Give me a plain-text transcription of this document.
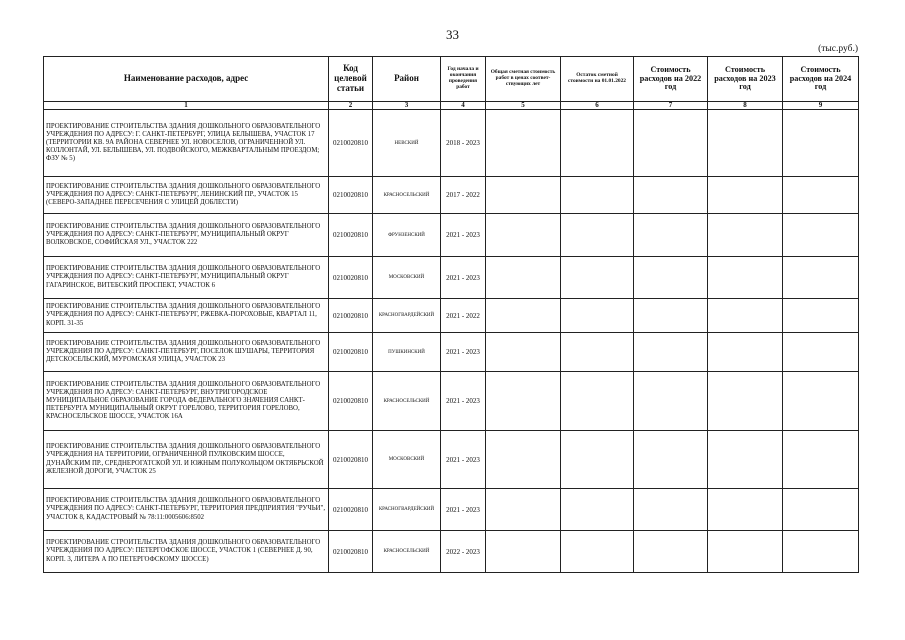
33
(тыс.руб.)
Наименование расходов, адрес	Код целевой статьи	Район	Год начала и окончания проведения работ	Общая сметная стоимость работ в ценах соответ-ствующих лет	Остаток сметной стоимости на 01.01.2022	Стоимость расходов на 2022 год	Стоимость расходов на 2023 год	Стоимость расходов на 2024 год
1	2	3	4	5	6	7	8	9
ПРОЕКТИРОВАНИЕ СТРОИТЕЛЬСТВА ЗДАНИЯ ДОШКОЛЬНОГО ОБРАЗОВАТЕЛЬНОГО УЧРЕЖДЕНИЯ ПО АДРЕСУ: Г. САНКТ-ПЕТЕРБУРГ, УЛИЦА БЕЛЫШЕВА, УЧАСТОК 17 (ТЕРРИТОРИИ КВ. 9А РАЙОНА СЕВЕРНЕЕ УЛ. НОВОСЕЛОВ, ОГРАНИЧЕННОЙ УЛ. КОЛЛОНТАЙ, УЛ. БЕЛЫШЕВА, УЛ. ПОДВОЙСКОГО, МЕЖКВАРТАЛЬНЫМ ПРОЕЗДОМ; ФЗУ № 5)	0210020810	НЕВСКИЙ	2018 - 2023					
ПРОЕКТИРОВАНИЕ СТРОИТЕЛЬСТВА ЗДАНИЯ ДОШКОЛЬНОГО ОБРАЗОВАТЕЛЬНОГО УЧРЕЖДЕНИЯ ПО АДРЕСУ: САНКТ-ПЕТЕРБУРГ, ЛЕНИНСКИЙ ПР., УЧАСТОК 15 (СЕВЕРО-ЗАПАДНЕЕ ПЕРЕСЕЧЕНИЯ С УЛИЦЕЙ ДОБЛЕСТИ)	0210020810	КРАСНОСЕЛЬСКИЙ	2017 - 2022					
ПРОЕКТИРОВАНИЕ СТРОИТЕЛЬСТВА ЗДАНИЯ ДОШКОЛЬНОГО ОБРАЗОВАТЕЛЬНОГО УЧРЕЖДЕНИЯ ПО АДРЕСУ: САНКТ-ПЕТЕРБУРГ, МУНИЦИПАЛЬНЫЙ ОКРУГ ВОЛКОВСКОЕ, СОФИЙСКАЯ УЛ., УЧАСТОК 222	0210020810	ФРУНЗЕНСКИЙ	2021 - 2023					
ПРОЕКТИРОВАНИЕ СТРОИТЕЛЬСТВА ЗДАНИЯ ДОШКОЛЬНОГО ОБРАЗОВАТЕЛЬНОГО УЧРЕЖДЕНИЯ ПО АДРЕСУ: САНКТ-ПЕТЕРБУРГ, МУНИЦИПАЛЬНЫЙ ОКРУГ ГАГАРИНСКОЕ, ВИТЕБСКИЙ ПРОСПЕКТ, УЧАСТОК 6	0210020810	МОСКОВСКИЙ	2021 - 2023					
ПРОЕКТИРОВАНИЕ СТРОИТЕЛЬСТВА ЗДАНИЯ ДОШКОЛЬНОГО ОБРАЗОВАТЕЛЬНОГО УЧРЕЖДЕНИЯ ПО АДРЕСУ: САНКТ-ПЕТЕРБУРГ, РЖЕВКА-ПОРОХОВЫЕ, КВАРТАЛ 11, КОРП. 31-35	0210020810	КРАСНОГВАРДЕЙСКИЙ	2021 - 2022					
ПРОЕКТИРОВАНИЕ СТРОИТЕЛЬСТВА ЗДАНИЯ ДОШКОЛЬНОГО ОБРАЗОВАТЕЛЬНОГО УЧРЕЖДЕНИЯ ПО АДРЕСУ: САНКТ-ПЕТЕРБУРГ, ПОСЕЛОК ШУШАРЫ, ТЕРРИТОРИЯ ДЕТСКОСЕЛЬСКИЙ, МУРОМСКАЯ УЛИЦА, УЧАСТОК 23	0210020810	ПУШКИНСКИЙ	2021 - 2023					
ПРОЕКТИРОВАНИЕ СТРОИТЕЛЬСТВА ЗДАНИЯ ДОШКОЛЬНОГО ОБРАЗОВАТЕЛЬНОГО УЧРЕЖДЕНИЯ ПО АДРЕСУ: САНКТ-ПЕТЕРБУРГ, ВНУТРИГОРОДСКОЕ МУНИЦИПАЛЬНОЕ ОБРАЗОВАНИЕ ГОРОДА ФЕДЕРАЛЬНОГО ЗНАЧЕНИЯ САНКТ-ПЕТЕРБУРГА МУНИЦИПАЛЬНЫЙ ОКРУГ ГОРЕЛОВО, ТЕРРИТОРИЯ ГОРЕЛОВО, КРАСНОСЕЛЬСКОЕ ШОССЕ, УЧАСТОК 16А	0210020810	КРАСНОСЕЛЬСКИЙ	2021 - 2023					
ПРОЕКТИРОВАНИЕ СТРОИТЕЛЬСТВА ЗДАНИЯ ДОШКОЛЬНОГО ОБРАЗОВАТЕЛЬНОГО УЧРЕЖДЕНИЯ НА ТЕРРИТОРИИ, ОГРАНИЧЕННОЙ ПУЛКОВСКИМ ШОССЕ, ДУНАЙСКИМ ПР., СРЕДНЕРОГАТСКОЙ УЛ. И ЮЖНЫМ ПОЛУКОЛЬЦОМ ОКТЯБРЬСКОЙ ЖЕЛЕЗНОЙ ДОРОГИ, УЧАСТОК 25	0210020810	МОСКОВСКИЙ	2021 - 2023					
ПРОЕКТИРОВАНИЕ СТРОИТЕЛЬСТВА ЗДАНИЯ ДОШКОЛЬНОГО ОБРАЗОВАТЕЛЬНОГО УЧРЕЖДЕНИЯ ПО АДРЕСУ: САНКТ-ПЕТЕРБУРГ, ТЕРРИТОРИЯ ПРЕДПРИЯТИЯ "РУЧЬИ", УЧАСТОК 8, КАДАСТРОВЫЙ № 78:11:0005606:8502	0210020810	КРАСНОГВАРДЕЙСКИЙ	2021 - 2023					
ПРОЕКТИРОВАНИЕ СТРОИТЕЛЬСТВА ЗДАНИЯ ДОШКОЛЬНОГО ОБРАЗОВАТЕЛЬНОГО УЧРЕЖДЕНИЯ ПО АДРЕСУ: ПЕТЕРГОФСКОЕ ШОССЕ, УЧАСТОК 1 (СЕВЕРНЕЕ Д. 90, КОРП. 3, ЛИТЕРА А ПО ПЕТЕРГОФСКОМУ ШОССЕ)	0210020810	КРАСНОСЕЛЬСКИЙ	2022 - 2023					
